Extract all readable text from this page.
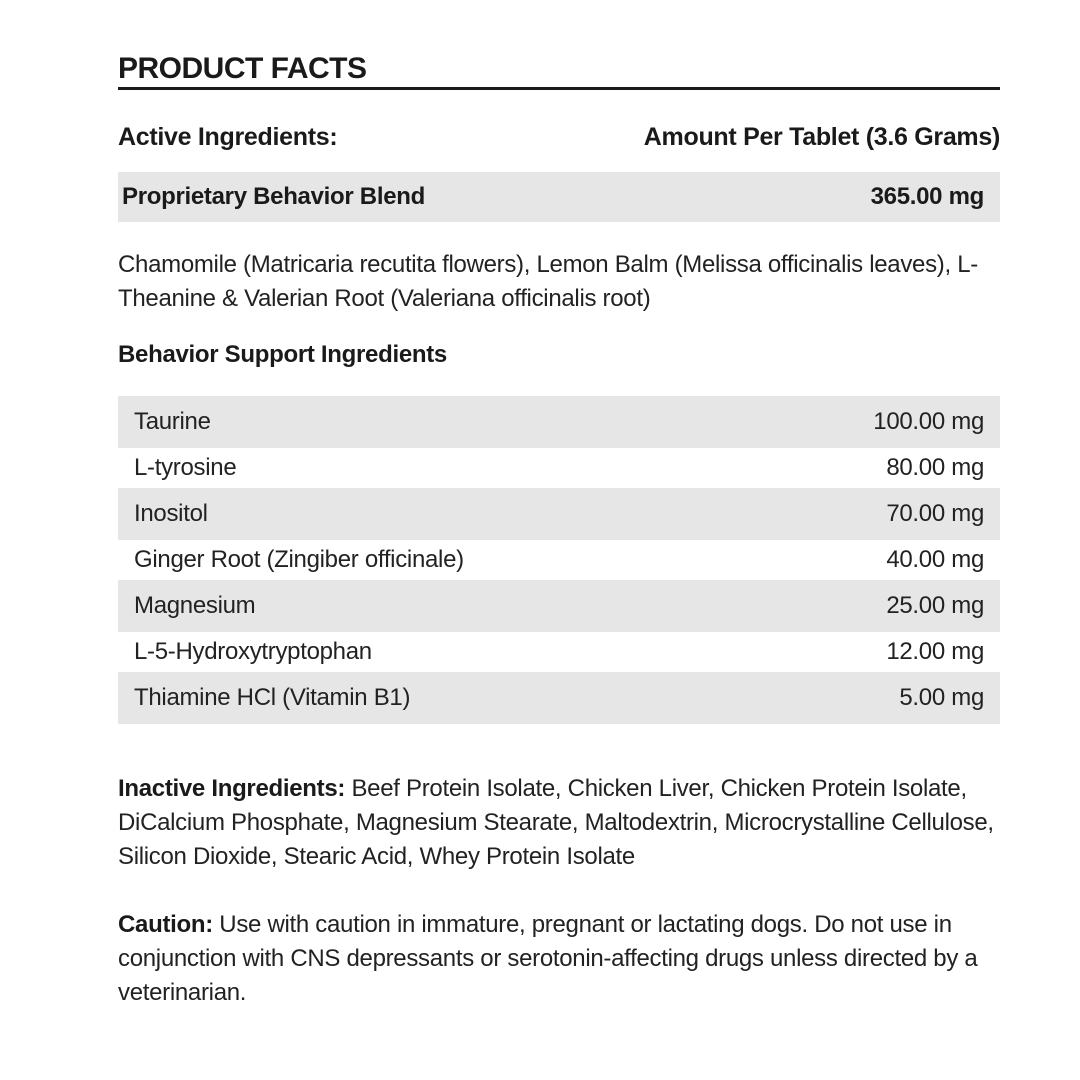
PRODUCT FACTS
Active Ingredients:	Amount Per Tablet (3.6 Grams)
Proprietary Behavior Blend	365.00 mg
Chamomile (Matricaria recutita flowers), Lemon Balm (Melissa officinalis leaves), L-Theanine & Valerian Root (Valeriana officinalis root)
Behavior Support Ingredients
Taurine	100.00 mg
L-tyrosine	80.00 mg
Inositol	70.00 mg
Ginger Root (Zingiber officinale)	40.00 mg
Magnesium	25.00 mg
L-5-Hydroxytryptophan	12.00 mg
Thiamine HCl (Vitamin B1)	5.00 mg
Inactive Ingredients: Beef Protein Isolate, Chicken Liver, Chicken Protein Isolate, DiCalcium Phosphate, Magnesium Stearate, Maltodextrin, Microcrystalline Cellulose, Silicon Dioxide, Stearic Acid, Whey Protein Isolate
Caution: Use with caution in immature, pregnant or lactating dogs. Do not use in conjunction with CNS depressants or serotonin-affecting drugs unless directed by a veterinarian.
